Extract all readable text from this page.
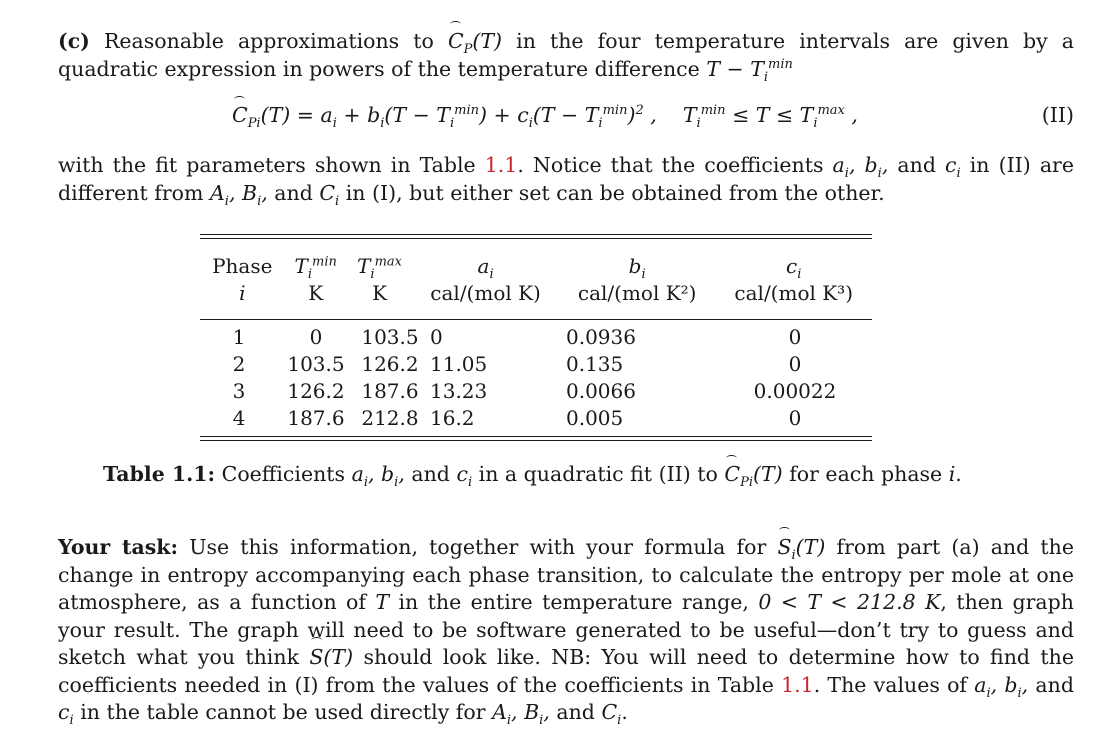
(c) Reasonable approximations to $C_P(T)$ in the four temperature intervals are given by a quadratic expression in powers of the temperature difference $T - T_i^{min}$
$C_{Pi}(T) = a_i + b_i(T - T_i^{min}) + c_i(T - T_i^{min})^2$ ,    $T_i^{min} \le T \le T_i^{max}$ ,	(II)
with the fit parameters shown in Table 1.1. Notice that the coefficients $a_i$, $b_i$, and $c_i$ in (II) are different from $A_i$, $B_i$, and $C_i$ in (I), but either set can be obtained from the other.
Phase	$T_i^{min}$	$T_i^{max}$	$a_i$	$b_i$	$c_i$
i	K	K	cal/(mol K)	cal/(mol K²)	cal/(mol K³)
1	0	103.5	0	0.0936	0
2	103.5	126.2	11.05	0.135	0
3	126.2	187.6	13.23	0.0066	0.00022
4	187.6	212.8	16.2	0.005	0
Table 1.1: Coefficients $a_i$, $b_i$, and $c_i$ in a quadratic fit (II) to $C_{Pi}(T)$ for each phase i.
Your task: Use this information, together with your formula for $S_i(T)$ from part (a) and the change in entropy accompanying each phase transition, to calculate the entropy per mole at one atmosphere, as a function of T in the entire temperature range, 0 < T < 212.8 K, then graph your result. The graph will need to be software generated to be useful—don’t try to guess and sketch what you think S(T) should look like. NB: You will need to determine how to find the coefficients needed in (I) from the values of the coefficients in Table 1.1. The values of $a_i$, $b_i$, and $c_i$ in the table cannot be used directly for $A_i$, $B_i$, and $C_i$.
